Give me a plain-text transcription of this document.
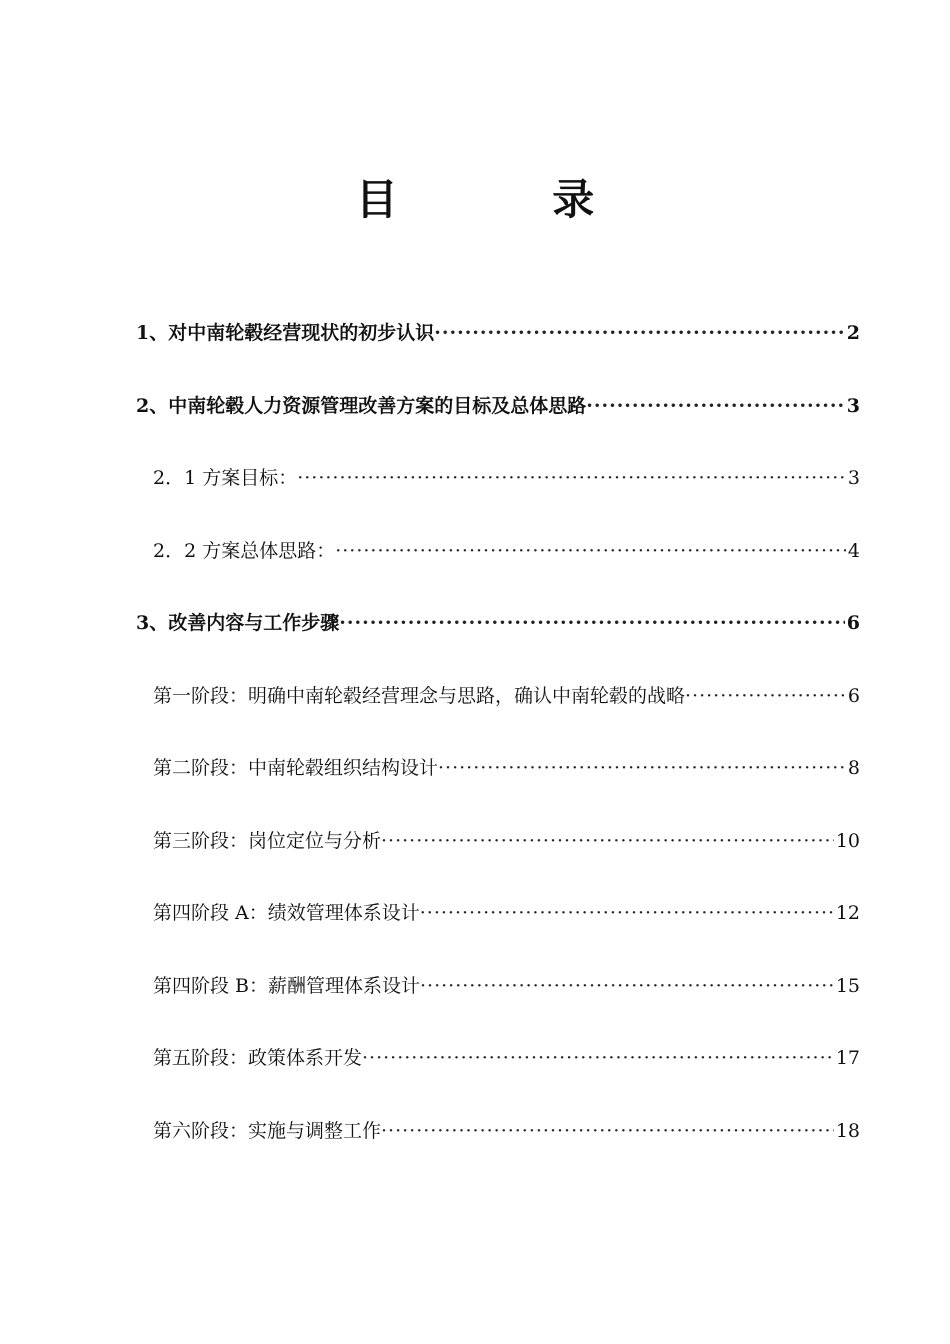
目 录
1、对中南轮毂经营现状的初步认识 ·····	2
2、中南轮毂人力资源管理改善方案的目标及总体思路 ·····	3
2．1 方案目标： ·····	3
2．2 方案总体思路： ·····	4
3、改善内容与工作步骤 ·····	6
第一阶段：明确中南轮毂经营理念与思路，确认中南轮毂的战略 ·····	6
第二阶段：中南轮毂组织结构设计 ·····	8
第三阶段：岗位定位与分析 ·····	10
第四阶段 A：绩效管理体系设计 ·····	12
第四阶段 B：薪酬管理体系设计 ·····	15
第五阶段：政策体系开发 ·····	17
第六阶段：实施与调整工作 ·····	18
